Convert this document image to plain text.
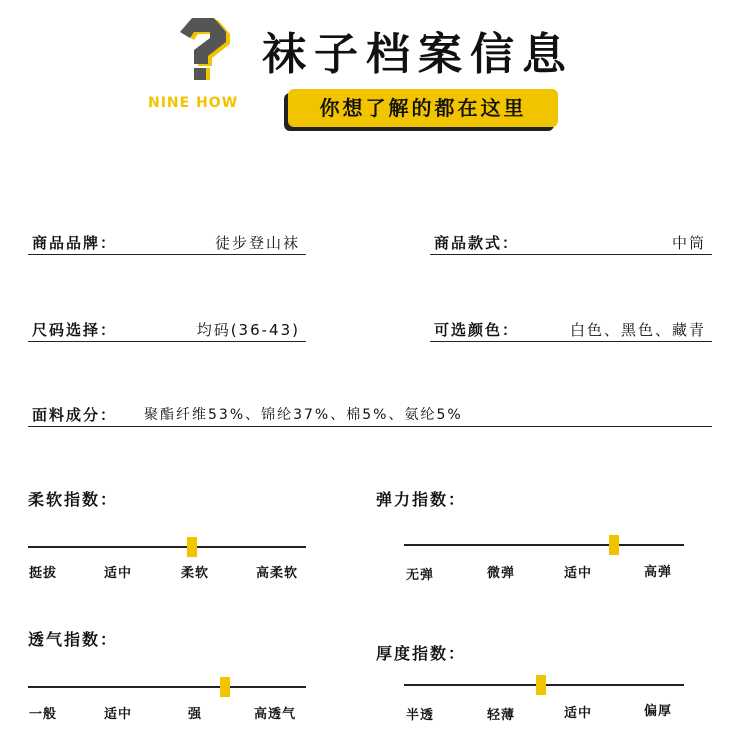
NINE HOW
袜子档案信息
你想了解的都在这里
商品品牌：	徒步登山袜	商品款式：	中筒
尺码选择：	均码(36-43)	可选颜色：	白色、黑色、藏青
面料成分： 聚酯纤维53%、锦纶37%、棉5%、氨纶5%
柔软指数：
挺拔	适中	柔软	高柔软
弹力指数：
无弹	微弹	适中	高弹
透气指数：
一般	适中	强	高透气
厚度指数：
半透	轻薄	适中	偏厚
